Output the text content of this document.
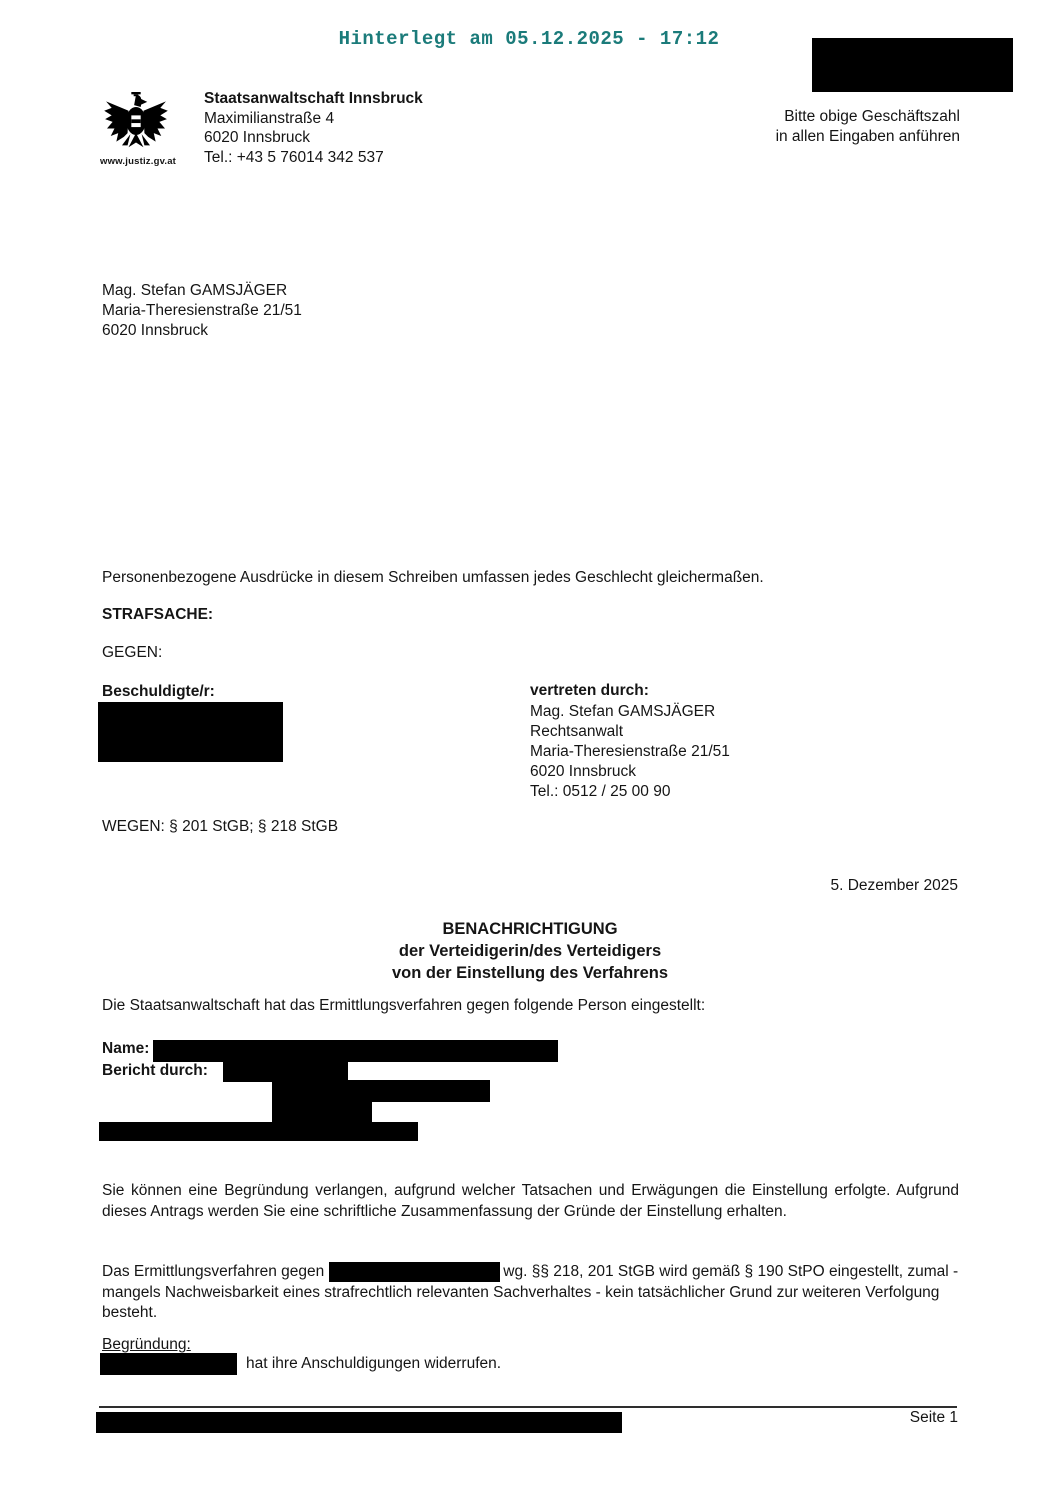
Hinterlegt am 05.12.2025 - 17:12
www.justiz.gv.at
Staatsanwaltschaft Innsbruck
Maximilianstraße 4
6020 Innsbruck
Tel.: +43 5 76014 342 537
Bitte obige Geschäftszahl
in allen Eingaben anführen
Mag. Stefan GAMSJÄGER
Maria-Theresienstraße 21/51
6020 Innsbruck
Personenbezogene Ausdrücke in diesem Schreiben umfassen jedes Geschlecht gleichermaßen.
STRAFSACHE:
GEGEN:
Beschuldigte/r:	vertreten durch:
Mag. Stefan GAMSJÄGER
Rechtsanwalt
Maria-Theresienstraße 21/51
6020 Innsbruck
Tel.: 0512 / 25 00 90
WEGEN: § 201 StGB; § 218 StGB
5. Dezember 2025
BENACHRICHTIGUNG
der Verteidigerin/des Verteidigers
von der Einstellung des Verfahrens
Die Staatsanwaltschaft hat das Ermittlungsverfahren gegen folgende Person eingestellt:
Name:
Bericht durch:
Sie können eine Begründung verlangen, aufgrund welcher Tatsachen und Erwägungen die Einstellung erfolgte. Aufgrund dieses Antrags werden Sie eine schriftliche Zusammenfassung der Gründe der Einstellung erhalten.
Das Ermittlungsverfahren gegen	wg. §§ 218, 201 StGB wird gemäß § 190 StPO eingestellt, zumal - mangels Nachweisbarkeit eines strafrechtlich relevanten Sachverhaltes - kein tatsächlicher Grund zur weiteren Verfolgung besteht.
Begründung:
hat ihre Anschuldigungen widerrufen.
Seite 1
